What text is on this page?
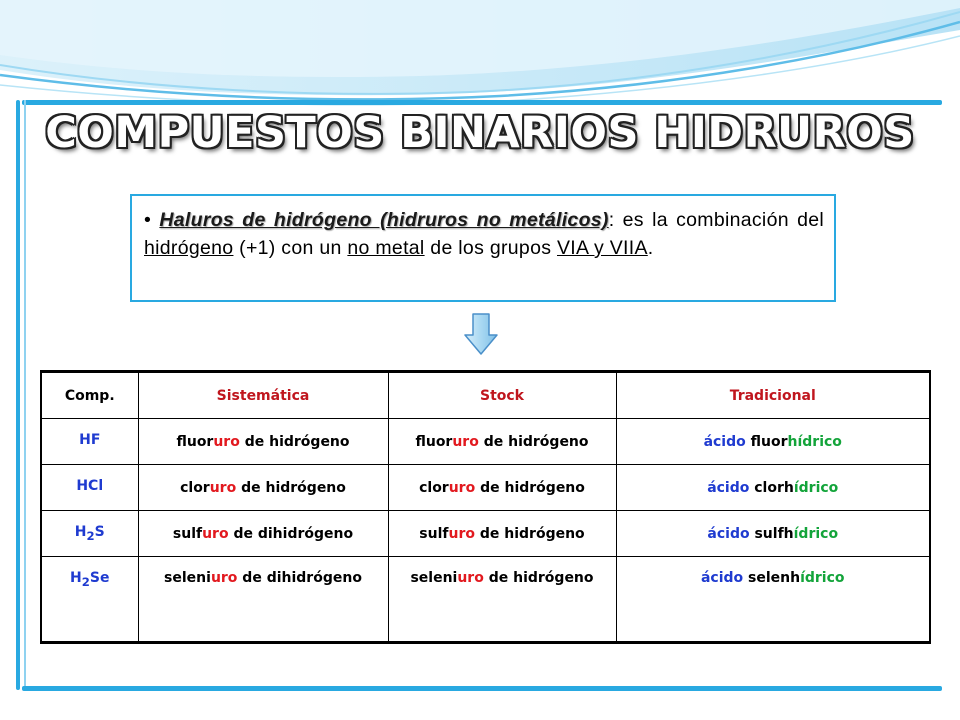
COMPUESTOS BINARIOS HIDRUROS
• Haluros de hidrógeno (hidruros no metálicos): es la combinación del hidrógeno (+1) con un no metal de los grupos VIA y VIIA.
Comp.	Sistemática	Stock	Tradicional
HF	fluoruro de hidrógeno	fluoruro de hidrógeno	ácido fluorhídrico
HCl	cloruro de hidrógeno	cloruro de hidrógeno	ácido clorhídrico
$H_2S$	sulfuro de dihidrógeno	sulfuro de hidrógeno	ácido sulfhídrico
$H_2Se$	seleniuro de dihidrógeno	seleniuro de hidrógeno	ácido selenhídrico
